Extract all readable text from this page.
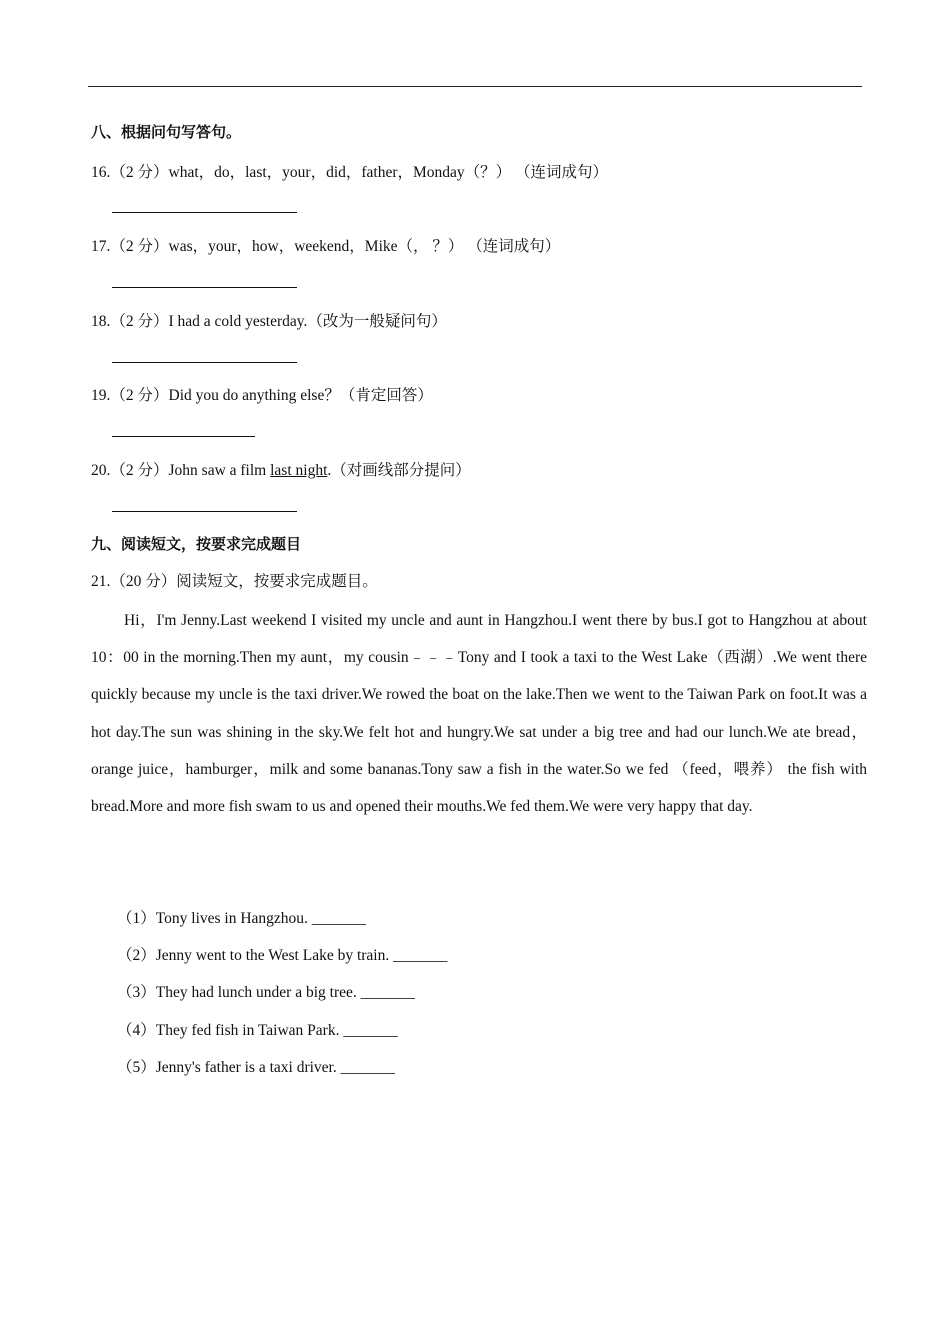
八、根据问句写答句。
16.（2 分）what，do，last，your，did，father，Monday（？） （连词成句）
17.（2 分）was，your，how，weekend，Mike（， ？） （连词成句）
18.（2 分）I had a cold yesterday.（改为一般疑问句）
19.（2 分）Did you do anything else？（肯定回答）
20.（2 分）John saw a film last night.（对画线部分提问）
九、阅读短文，按要求完成题目
21.（20 分）阅读短文，按要求完成题目。

Hi，I'm Jenny.Last weekend I visited my uncle and aunt in Hangzhou.I went there by bus.I got to Hangzhou at about 10：00 in the morning.Then my aunt，my cousin﹣﹣﹣Tony and I took a taxi to the West Lake（西湖）.We went there quickly because my uncle is the taxi driver.We rowed the boat on the lake.Then we went to the Taiwan Park on foot.It was a hot day.The sun was shining in the sky.We felt hot and hungry.We sat under a big tree and had our lunch.We ate bread，orange juice，hamburger，milk and some bananas.Tony saw a fish in the water.So we fed （feed，喂养） the fish with bread.More and more fish swam to us and opened their mouths.We fed them.We were very happy that day.

（1）Tony lives in Hangzhou. _______
（2）Jenny went to the West Lake by train. _______
（3）They had lunch under a big tree. _______
（4）They fed fish in Taiwan Park. _______
（5）Jenny's father is a taxi driver. _______
